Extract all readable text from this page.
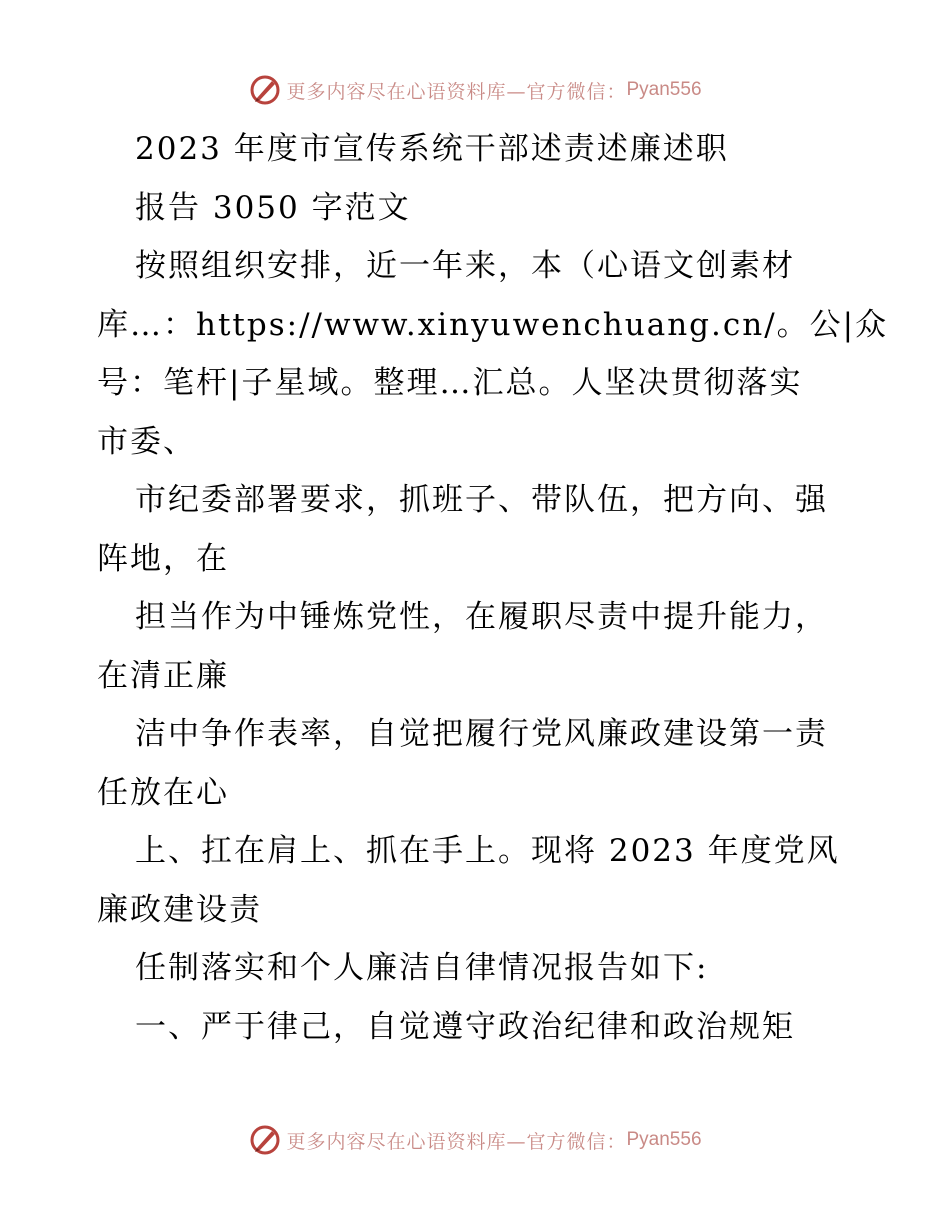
更多内容尽在心语资料库—官方微信： Pyan556
2023 年度市宣传系统干部述责述廉述职
报告 3050 字范文
按照组织安排，近一年来，本（心语文创素材
库…：https://www.xinyuwenchuang.cn/。公|众
号：笔杆|子星域。整理…汇总。人坚决贯彻落实
市委、
市纪委部署要求，抓班子、带队伍，把方向、强
阵地，在
担当作为中锤炼党性，在履职尽责中提升能力，
在清正廉
洁中争作表率，自觉把履行党风廉政建设第一责
任放在心
上、扛在肩上、抓在手上。现将 2023 年度党风
廉政建设责
任制落实和个人廉洁自律情况报告如下:
一、严于律己，自觉遵守政治纪律和政治规矩
更多内容尽在心语资料库—官方微信： Pyan556
